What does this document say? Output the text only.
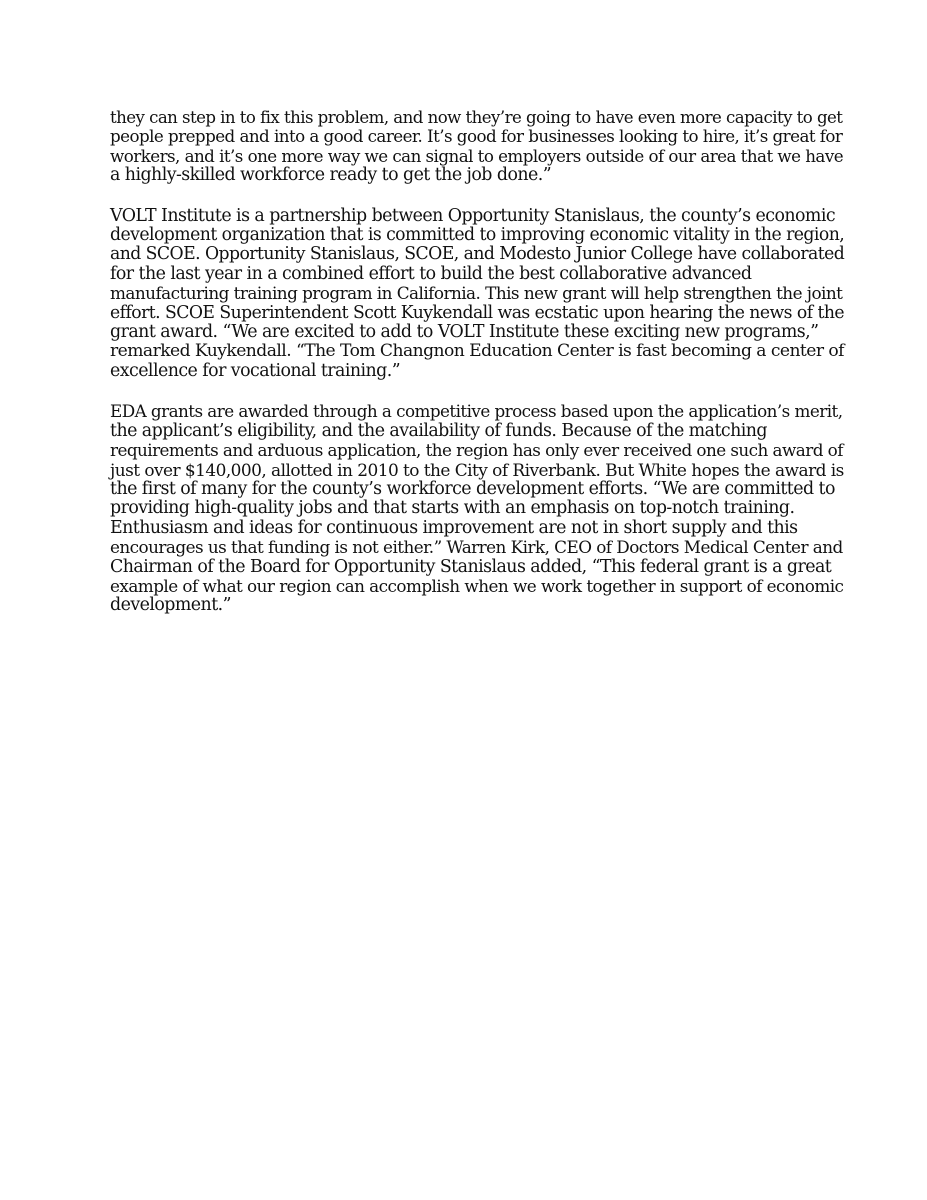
they can step in to fix this problem, and now they’re going to have even more capacity to get
people prepped and into a good career. It’s good for businesses looking to hire, it’s great for
workers, and it’s one more way we can signal to employers outside of our area that we have
a highly-skilled workforce ready to get the job done.”
VOLT Institute is a partnership between Opportunity Stanislaus, the county’s economic
development organization that is committed to improving economic vitality in the region,
and SCOE. Opportunity Stanislaus, SCOE, and Modesto Junior College have collaborated
for the last year in a combined effort to build the best collaborative advanced
manufacturing training program in California. This new grant will help strengthen the joint
effort. SCOE Superintendent Scott Kuykendall was ecstatic upon hearing the news of the
grant award. “We are excited to add to VOLT Institute these exciting new programs,”
remarked Kuykendall. “The Tom Changnon Education Center is fast becoming a center of
excellence for vocational training.”
EDA grants are awarded through a competitive process based upon the application’s merit,
the applicant’s eligibility, and the availability of funds. Because of the matching
requirements and arduous application, the region has only ever received one such award of
just over $140,000, allotted in 2010 to the City of Riverbank. But White hopes the award is
the first of many for the county’s workforce development efforts. “We are committed to
providing high-quality jobs and that starts with an emphasis on top-notch training.
Enthusiasm and ideas for continuous improvement are not in short supply and this
encourages us that funding is not either.” Warren Kirk, CEO of Doctors Medical Center and
Chairman of the Board for Opportunity Stanislaus added, “This federal grant is a great
example of what our region can accomplish when we work together in support of economic
development.”
